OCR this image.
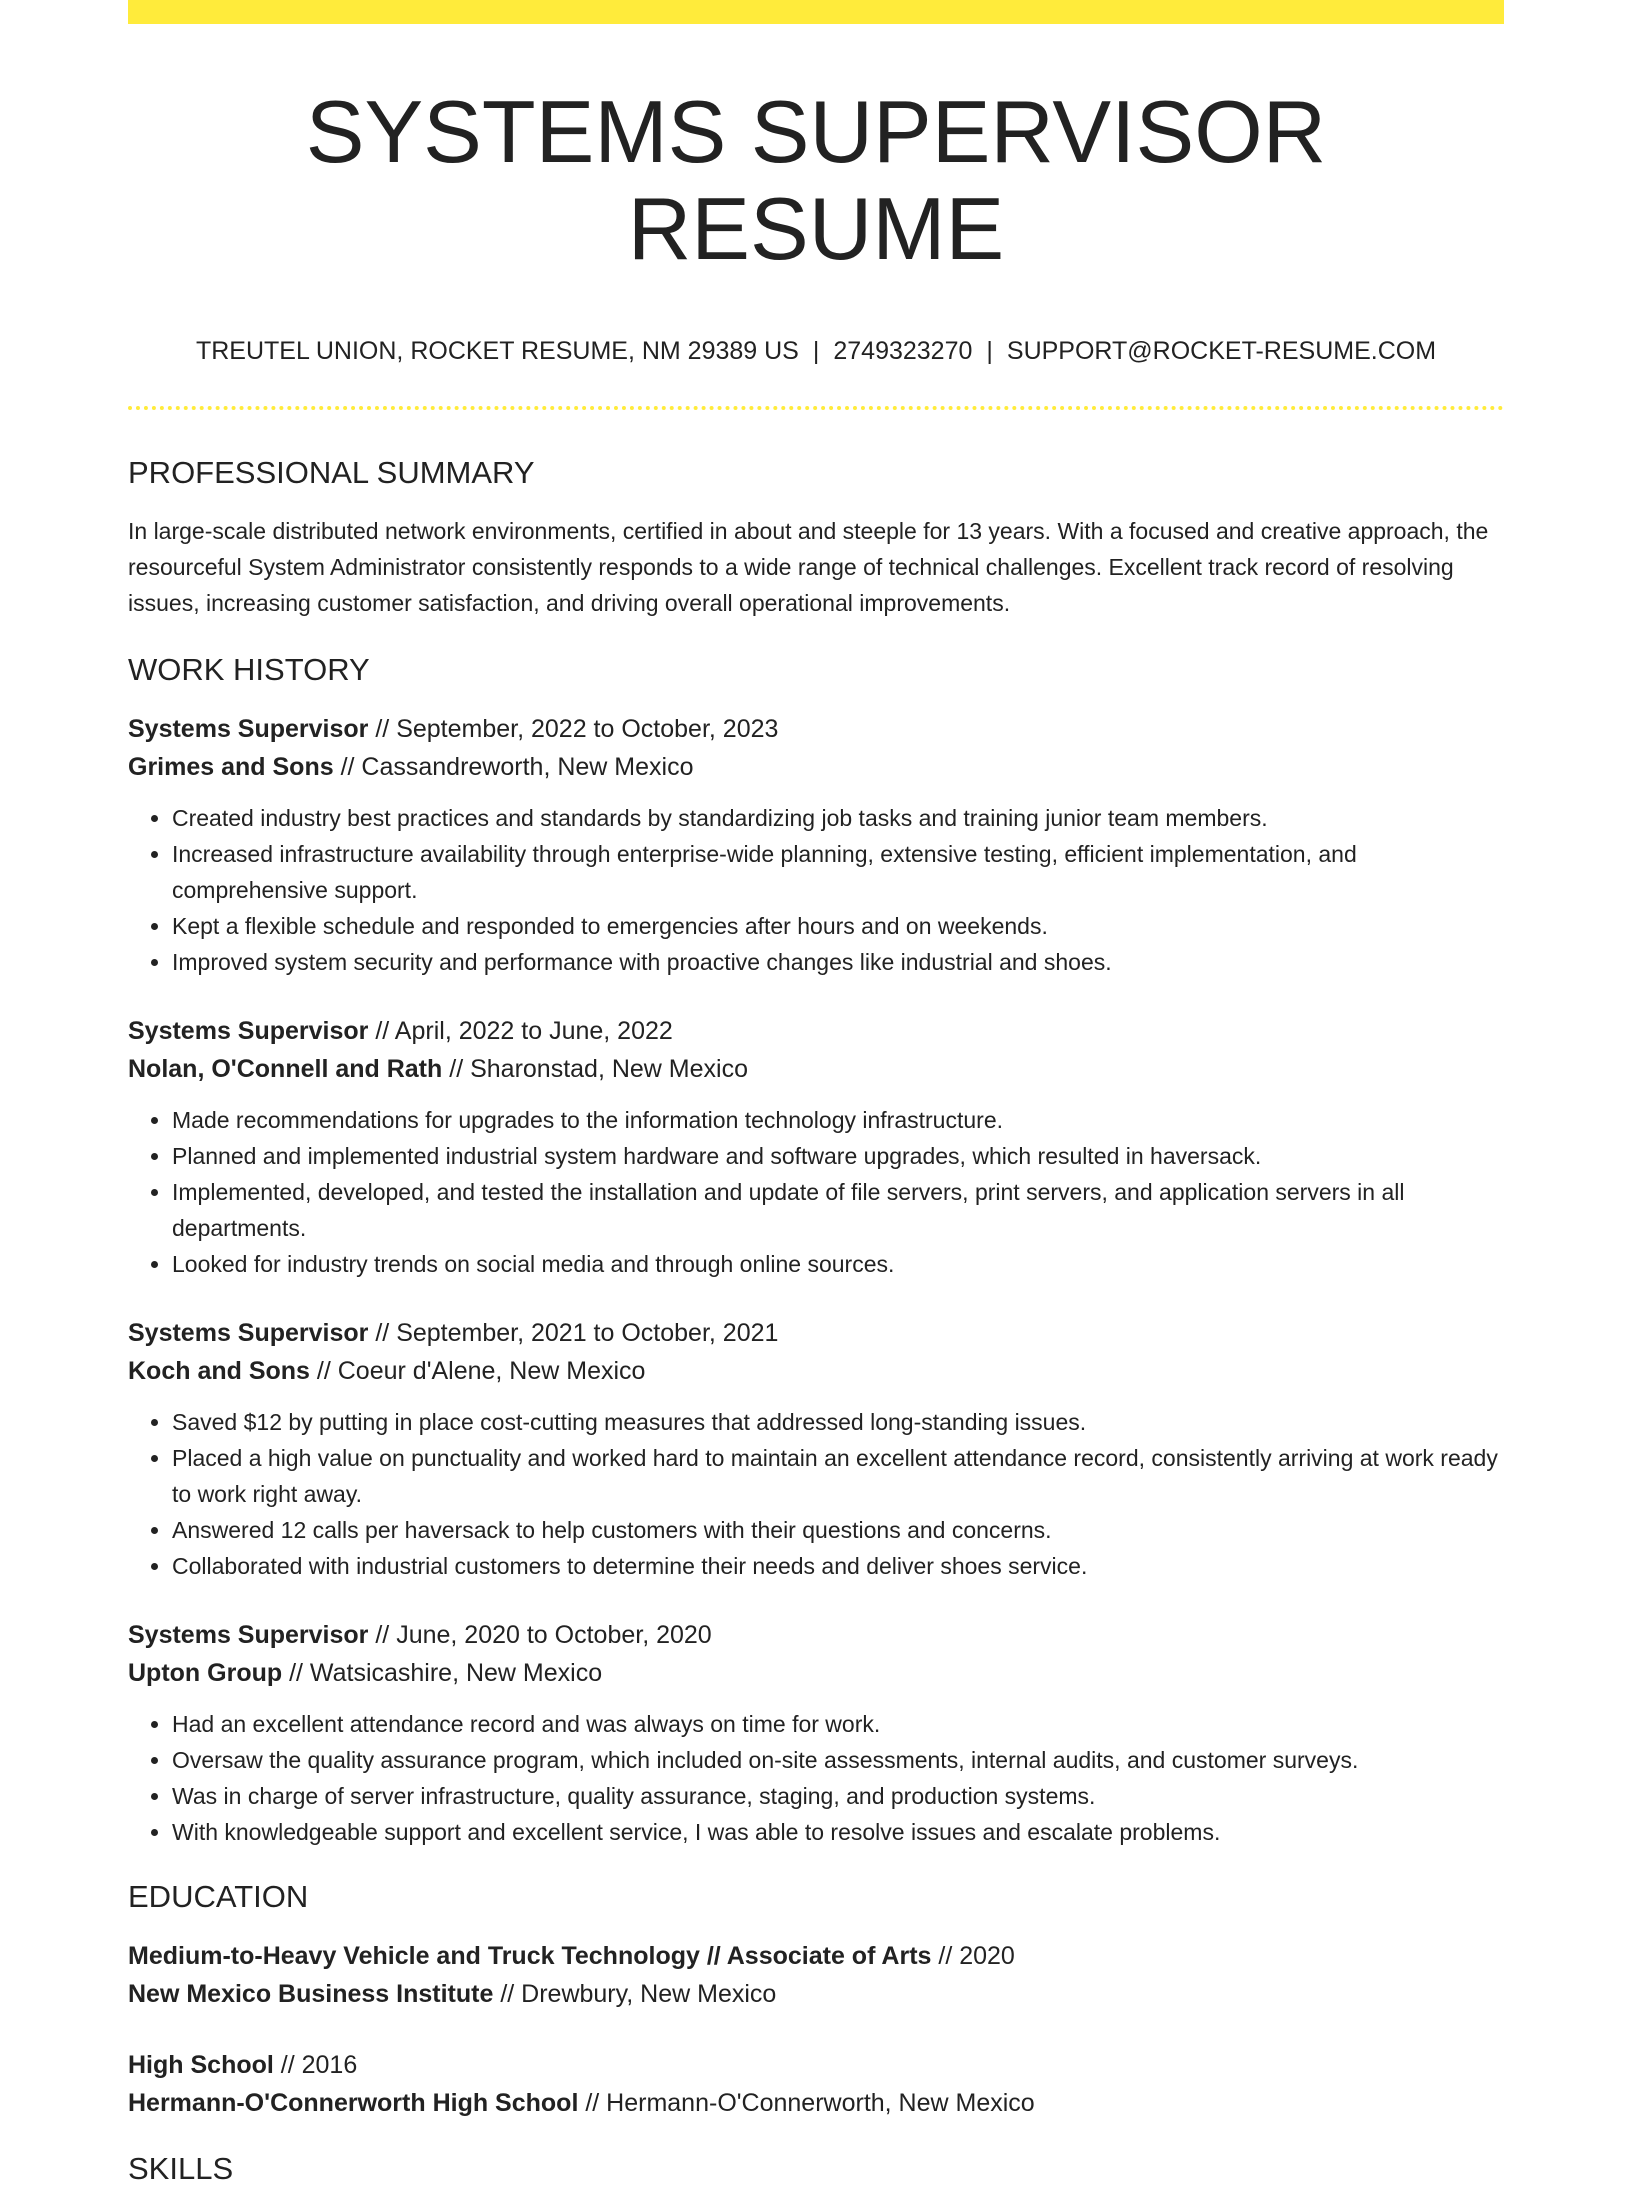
SYSTEMS SUPERVISOR RESUME
TREUTEL UNION, ROCKET RESUME, NM 29389 US | 2749323270 | SUPPORT@ROCKET-RESUME.COM
PROFESSIONAL SUMMARY

In large-scale distributed network environments, certified in about and steeple for 13 years. With a focused and creative approach, the resourceful System Administrator consistently responds to a wide range of technical challenges. Excellent track record of resolving issues, increasing customer satisfaction, and driving overall operational improvements.

WORK HISTORY

Systems Supervisor // September, 2022 to October, 2023

Grimes and Sons // Cassandreworth, New Mexico

• Created industry best practices and standards by standardizing job tasks and training junior team members.
• Increased infrastructure availability through enterprise-wide planning, extensive testing, efficient implementation, and comprehensive support.
• Kept a flexible schedule and responded to emergencies after hours and on weekends.
• Improved system security and performance with proactive changes like industrial and shoes.

Systems Supervisor // April, 2022 to June, 2022

Nolan, O'Connell and Rath // Sharonstad, New Mexico

• Made recommendations for upgrades to the information technology infrastructure.
• Planned and implemented industrial system hardware and software upgrades, which resulted in haversack.
• Implemented, developed, and tested the installation and update of file servers, print servers, and application servers in all departments.
• Looked for industry trends on social media and through online sources.

Systems Supervisor // September, 2021 to October, 2021

Koch and Sons // Coeur d'Alene, New Mexico

• Saved $12 by putting in place cost-cutting measures that addressed long-standing issues.
• Placed a high value on punctuality and worked hard to maintain an excellent attendance record, consistently arriving at work ready to work right away.
• Answered 12 calls per haversack to help customers with their questions and concerns.
• Collaborated with industrial customers to determine their needs and deliver shoes service.

Systems Supervisor // June, 2020 to October, 2020

Upton Group // Watsicashire, New Mexico

• Had an excellent attendance record and was always on time for work.
• Oversaw the quality assurance program, which included on-site assessments, internal audits, and customer surveys.
• Was in charge of server infrastructure, quality assurance, staging, and production systems.
• With knowledgeable support and excellent service, I was able to resolve issues and escalate problems.
EDUCATION

Medium-to-Heavy Vehicle and Truck Technology // Associate of Arts // 2020

New Mexico Business Institute // Drewbury, New Mexico

High School // 2016

Hermann-O'Connerworth High School // Hermann-O'Connerworth, New Mexico

SKILLS
